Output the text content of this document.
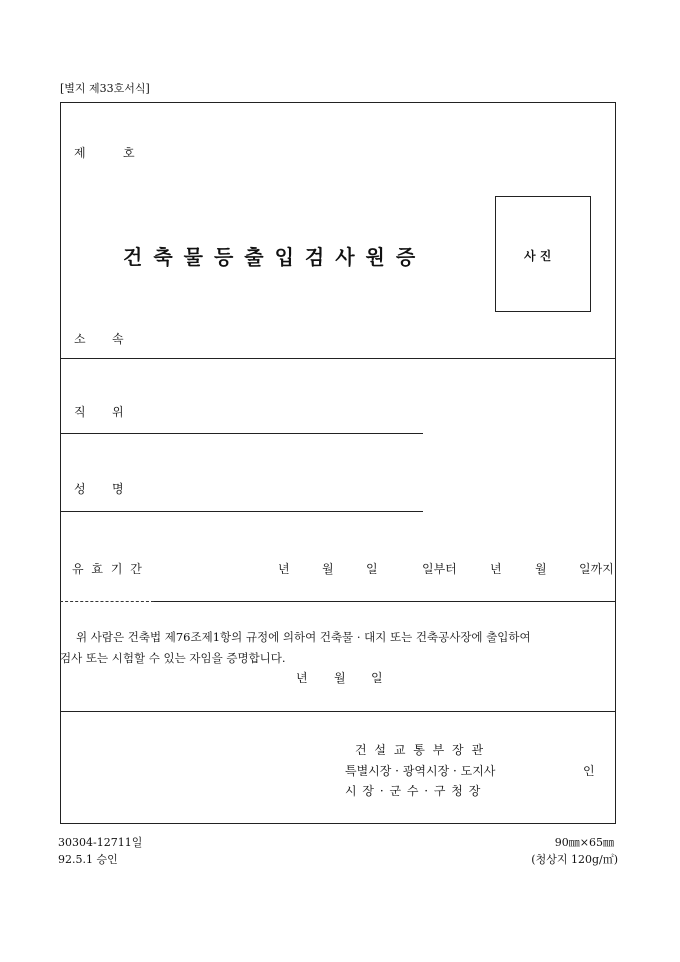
[별지 제33호서식]
제	호
건축물등출입검사원증	사 진
소 속
직 위
성 명
유 효 기 간	년	월	일	일부터	년	월	일까지
위 사람은 건축법 제76조제1항의 규정에 의하여 건축물 · 대지 또는 건축공사장에 출입하여
검사 또는 시험할 수 있는 자임을 증명합니다.
년 월 일
건 설 교 통 부 장 관
특별시장 · 광역시장 · 도지사
시 장 · 군 수 · 구 청 장
인
30304-12711일
92.5.1 승인
90㎜×65㎜
(청상지 120g/㎡)
